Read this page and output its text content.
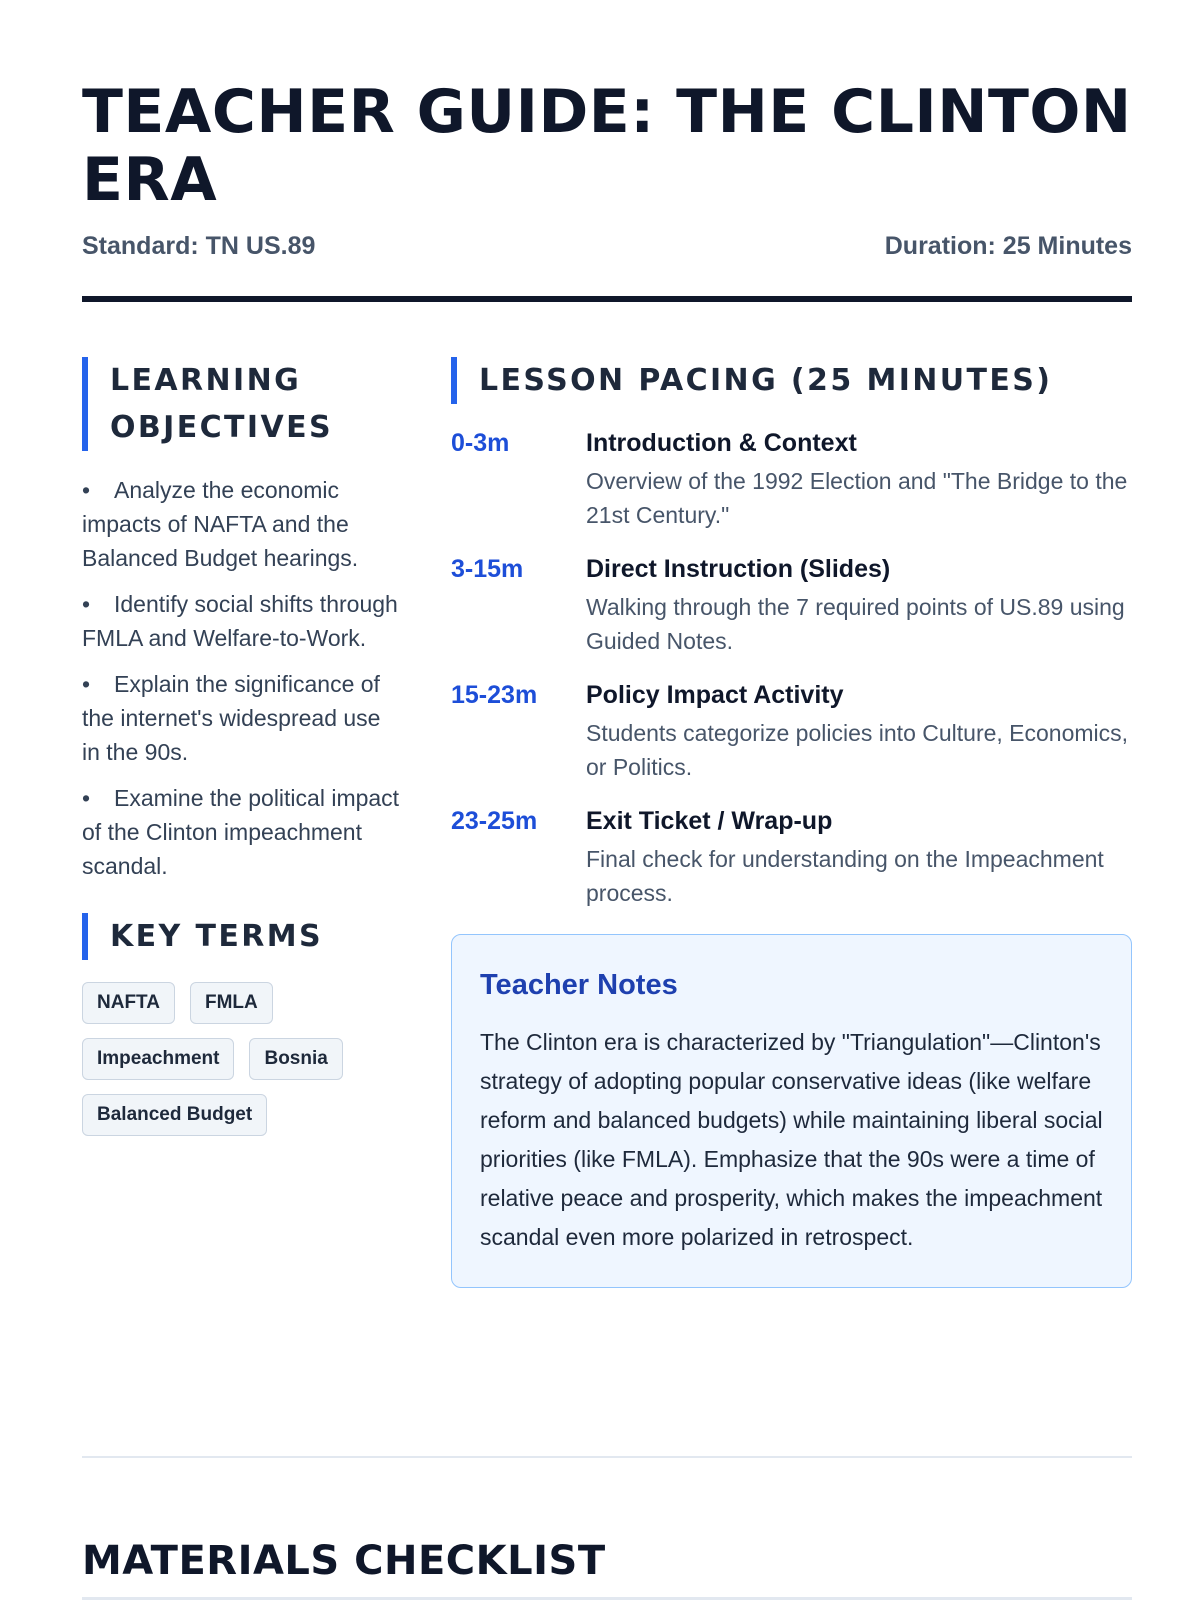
TEACHER GUIDE: THE CLINTON ERA
Standard: TN US.89	Duration: 25 Minutes
LEARNING OBJECTIVES
• Analyze the economic impacts of NAFTA and the Balanced Budget hearings.
• Identify social shifts through FMLA and Welfare-to-Work.
• Explain the significance of the internet's widespread use in the 90s.
• Examine the political impact of the Clinton impeachment scandal.
KEY TERMS
NAFTA	FMLA
Impeachment	Bosnia
Balanced Budget
LESSON PACING (25 MINUTES)
0-3m	Introduction & Context
Overview of the 1992 Election and "The Bridge to the 21st Century."
3-15m	Direct Instruction (Slides)
Walking through the 7 required points of US.89 using Guided Notes.
15-23m	Policy Impact Activity
Students categorize policies into Culture, Economics, or Politics.
23-25m	Exit Ticket / Wrap-up
Final check for understanding on the Impeachment process.
Teacher Notes

The Clinton era is characterized by "Triangulation"—Clinton's strategy of adopting popular conservative ideas (like welfare reform and balanced budgets) while maintaining liberal social priorities (like FMLA). Emphasize that the 90s were a time of relative peace and prosperity, which makes the impeachment scandal even more polarized in retrospect.

MATERIALS CHECKLIST
